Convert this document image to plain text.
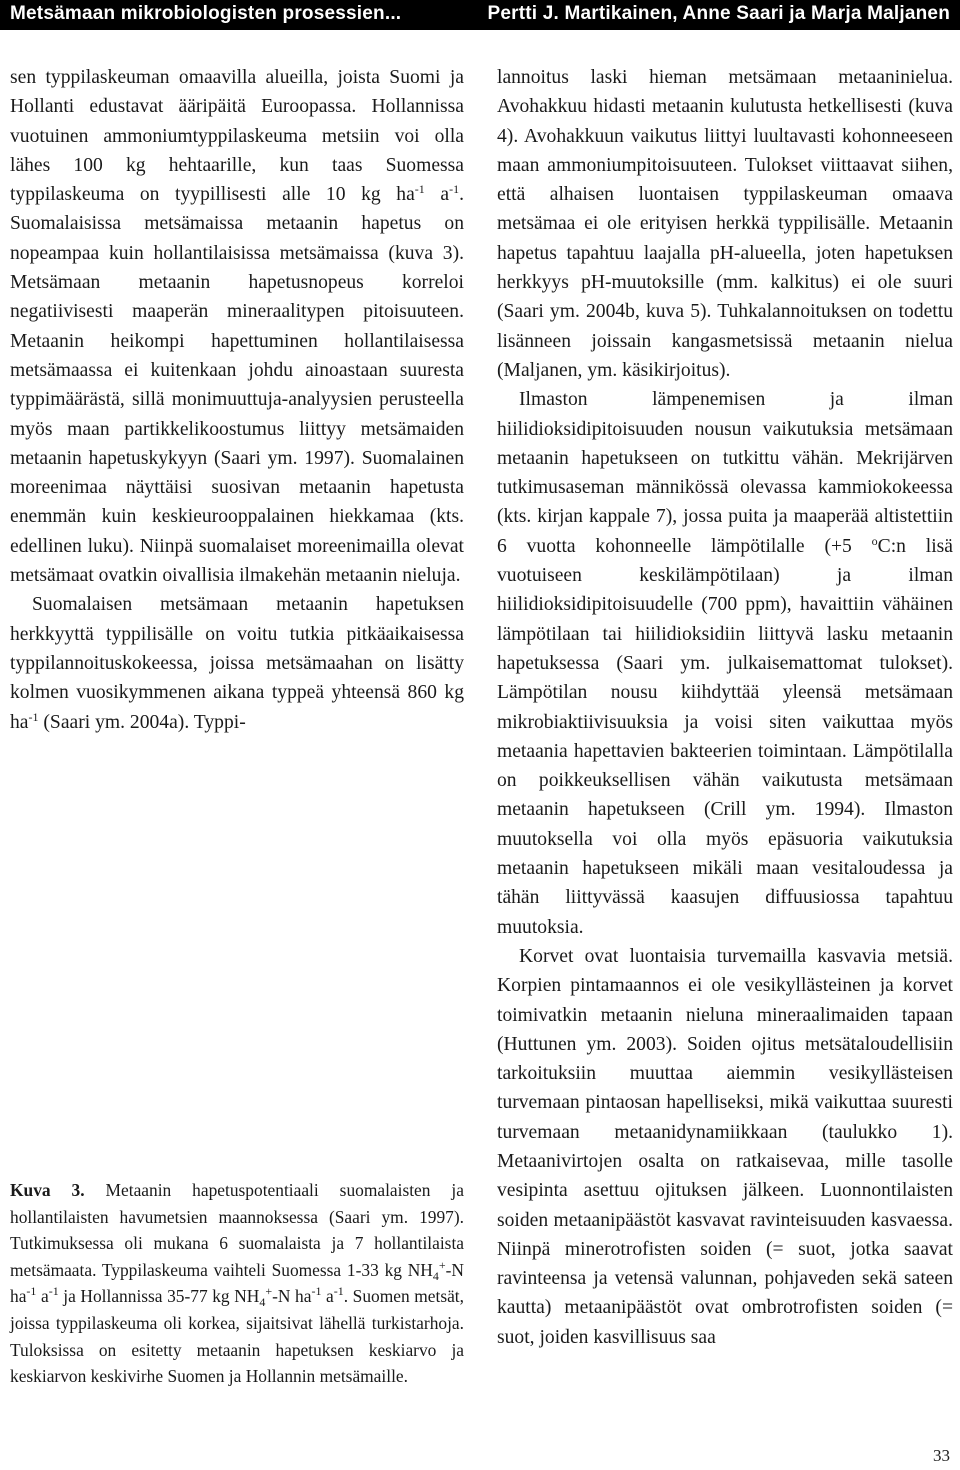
Metsämaan mikrobiologisten prosessien...	Pertti J. Martikainen, Anne Saari ja Marja Maljanen

sen typpilaskeuman omaavilla alueilla, joista Suomi ja Hollanti edustavat ääripäitä Euroopassa. Hollannissa vuotuinen ammoniumtyppilaskeuma metsiin voi olla lähes 100 kg hehtaarille, kun taas Suomessa typpilaskeuma on tyypillisesti alle 10 kg $ha^{-1}$ $a^{-1}$. Suomalaisissa metsämaissa metaanin hapetus on nopeampaa kuin hollantilaisissa metsämaissa (kuva 3). Metsämaan metaanin hapetusnopeus korreloi negatiivisesti maaperän mineraalitypen pitoisuuteen. Metaanin heikompi hapettuminen hollantilaisessa metsämaassa ei kuitenkaan johdu ainoastaan suuresta typpimäärästä, sillä monimuuttuja-analyysien perusteella myös maan partikkelikoostumus liittyy metsämaiden metaanin hapetuskykyyn (Saari ym. 1997). Suomalainen moreenimaa näyttäisi suosivan metaanin hapetusta enemmän kuin keskieurooppalainen hiekkamaa (kts. edellinen luku). Niinpä suomalaiset moreenimailla olevat metsämaat ovatkin oivallisia ilmakehän metaanin nieluja.

Suomalaisen metsämaan metaanin hapetuksen herkkyyttä typpilisälle on voitu tutkia pitkäaikaisessa typpilannoituskokeessa, joissa metsämaahan on lisätty kolmen vuosikymmenen aikana typpeä yhteensä 860 kg $ha^{-1}$ (Saari ym. 2004a). Typpi-

Kuva 3. Metaanin hapetuspotentiaali suomalaisten ja hollantilaisten havumetsien maannoksessa (Saari ym. 1997). Tutkimuksessa oli mukana 6 suomalaista ja 7 hollantilaista metsämaata. Typpilaskeuma vaihteli Suomessa 1-33 kg $NH_4^+-N$ $ha^{-1}$ $a^{-1}$ ja Hollannissa 35-77 kg $NH_4^+-N$ $ha^{-1}$ $a^{-1}$. Suomen metsät, joissa typpilaskeuma oli korkea, sijaitsivat lähellä turkistarhoja. Tuloksissa on esitetty metaanin hapetuksen keskiarvo ja keskiarvon keskivirhe Suomen ja Hollannin metsämaille.

lannoitus laski hieman metsämaan metaaninielua. Avohakkuu hidasti metaanin kulutusta hetkellisesti (kuva 4). Avohakkuun vaikutus liittyi luultavasti kohonneeseen maan ammoniumpitoisuuteen. Tulokset viittaavat siihen, että alhaisen luontaisen typpilaskeuman omaava metsämaa ei ole erityisen herkkä typpilisälle. Metaanin hapetus tapahtuu laajalla pH-alueella, joten hapetuksen herkkyys pH-muutoksille (mm. kalkitus) ei ole suuri (Saari ym. 2004b, kuva 5). Tuhkalannoituksen on todettu lisänneen joissain kangasmetsissä metaanin nielua (Maljanen, ym. käsikirjoitus).

Ilmaston lämpenemisen ja ilman hiilidioksidipitoisuuden nousun vaikutuksia metsämaan metaanin hapetukseen on tutkittu vähän. Mekrijärven tutkimusaseman männikössä olevassa kammiokokeessa (kts. kirjan kappale 7), jossa puita ja maaperää altistettiin 6 vuotta kohonneelle lämpötilalle (+5 $^o$C:n lisä vuotuiseen keskilämpötilaan) ja ilman hiilidioksidipitoisuudelle (700 ppm), havaittiin vähäinen lämpötilaan tai hiilidioksidiin liittyvä lasku metaanin hapetuksessa (Saari ym. julkaisemattomat tulokset). Lämpötilan nousu kiihdyttää yleensä metsämaan mikrobiaktiivisuuksia ja voisi siten vaikuttaa myös metaania hapettavien bakteerien toimintaan. Lämpötilalla on poikkeuksellisen vähän vaikutusta metsämaan metaanin hapetukseen (Crill ym. 1994). Ilmaston muutoksella voi olla myös epäsuoria vaikutuksia metaanin hapetukseen mikäli maan vesitaloudessa ja tähän liittyvässä kaasujen diffuusiossa tapahtuu muutoksia.

Korvet ovat luontaisia turvemailla kasvavia metsiä. Korpien pintamaannos ei ole vesikyllästeinen ja korvet toimivatkin metaanin nieluna mineraalimaiden tapaan (Huttunen ym. 2003). Soiden ojitus metsätaloudellisiin tarkoituksiin muuttaa aiemmin vesikyllästeisen turvemaan pintaosan hapelliseksi, mikä vaikuttaa suuresti turvemaan metaanidynamiikkaan (taulukko 1). Metaanivirtojen osalta on ratkaisevaa, mille tasolle vesipinta asettuu ojituksen jälkeen. Luonnontilaisten soiden metaanipäästöt kasvavat ravinteisuuden kasvaessa. Niinpä minerotrofisten soiden (= suot, jotka saavat ravinteensa ja vetensä valunnan, pohjaveden sekä sateen kautta) metaanipäästöt ovat ombrotrofisten soiden (= suot, joiden kasvillisuus saa

33
